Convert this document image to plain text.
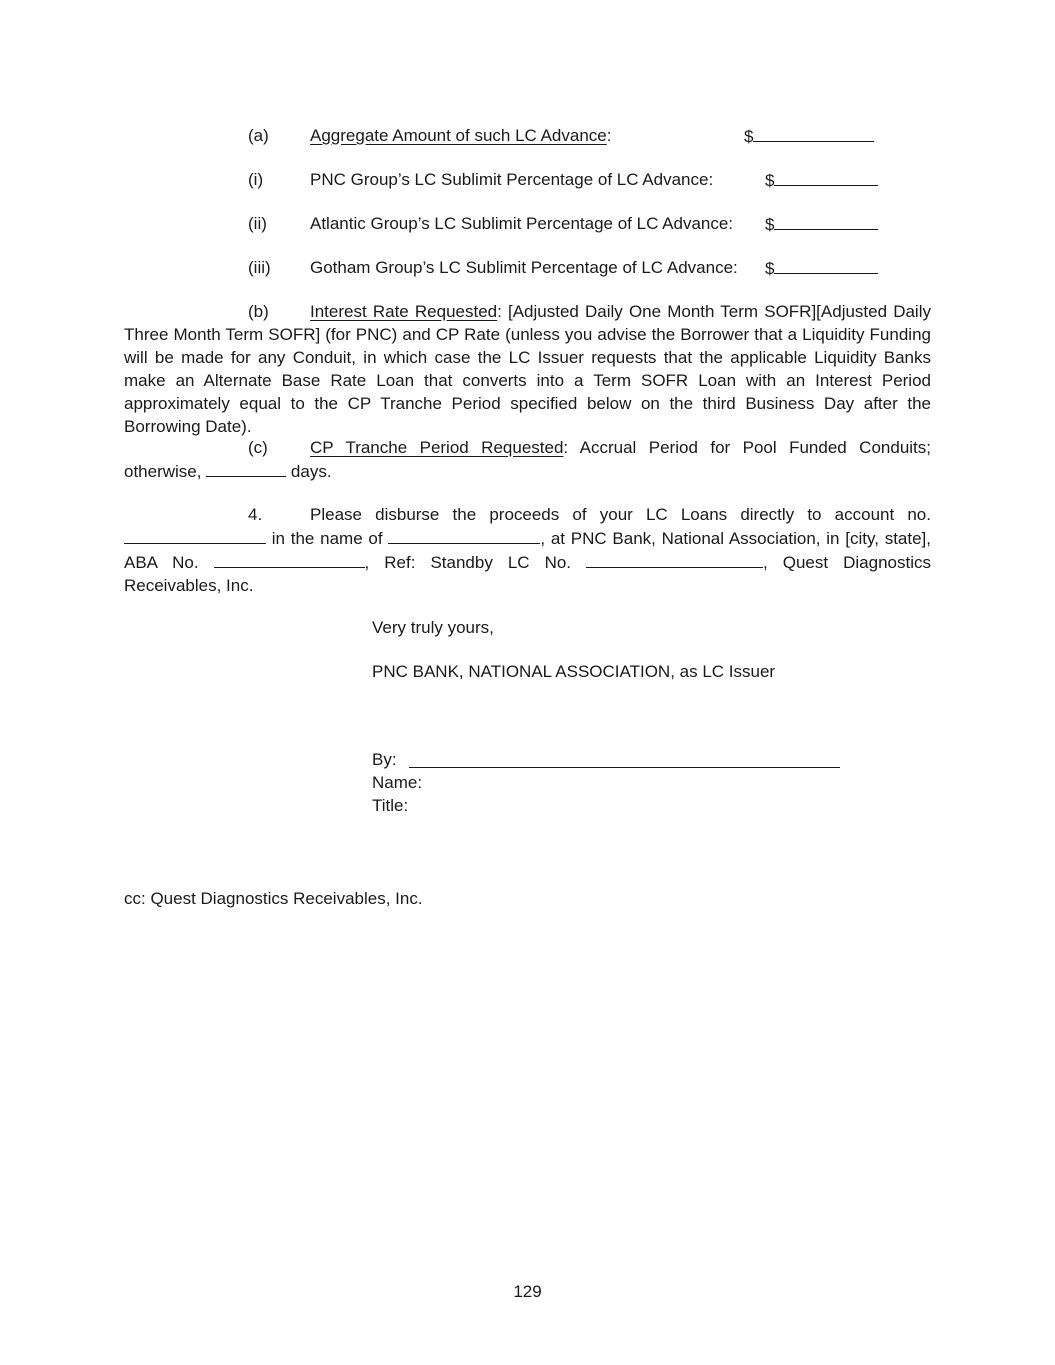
(a) Aggregate Amount of such LC Advance:	$
(i)	PNC Group’s LC Sublimit Percentage of LC Advance:	$
(ii)	Atlantic Group’s LC Sublimit Percentage of LC Advance: $
(iii) Gotham Group’s LC Sublimit Percentage of LC Advance: $
(b) Interest Rate Requested: [Adjusted Daily One Month Term SOFR][Adjusted Daily Three Month Term SOFR] (for PNC) and CP Rate (unless you advise the Borrower that a Liquidity Funding will be made for any Conduit, in which case the LC Issuer requests that the applicable Liquidity Banks make an Alternate Base Rate Loan that converts into a Term SOFR Loan with an Interest Period approximately equal to the CP Tranche Period specified below on the third Business Day after the Borrowing Date).
(c) CP Tranche Period Requested: Accrual Period for Pool Funded Conduits; otherwise,	days.
4.	Please disburse the proceeds of your LC Loans directly to account no.  in the name of	, at PNC Bank, National Association, in [city, state], ABA No.	, Ref: Standby LC No.	, Quest Diagnostics Receivables, Inc.
Very truly yours,
PNC BANK, NATIONAL ASSOCIATION, as LC Issuer
By:
Name:
Title:
cc: Quest Diagnostics Receivables, Inc.
129
